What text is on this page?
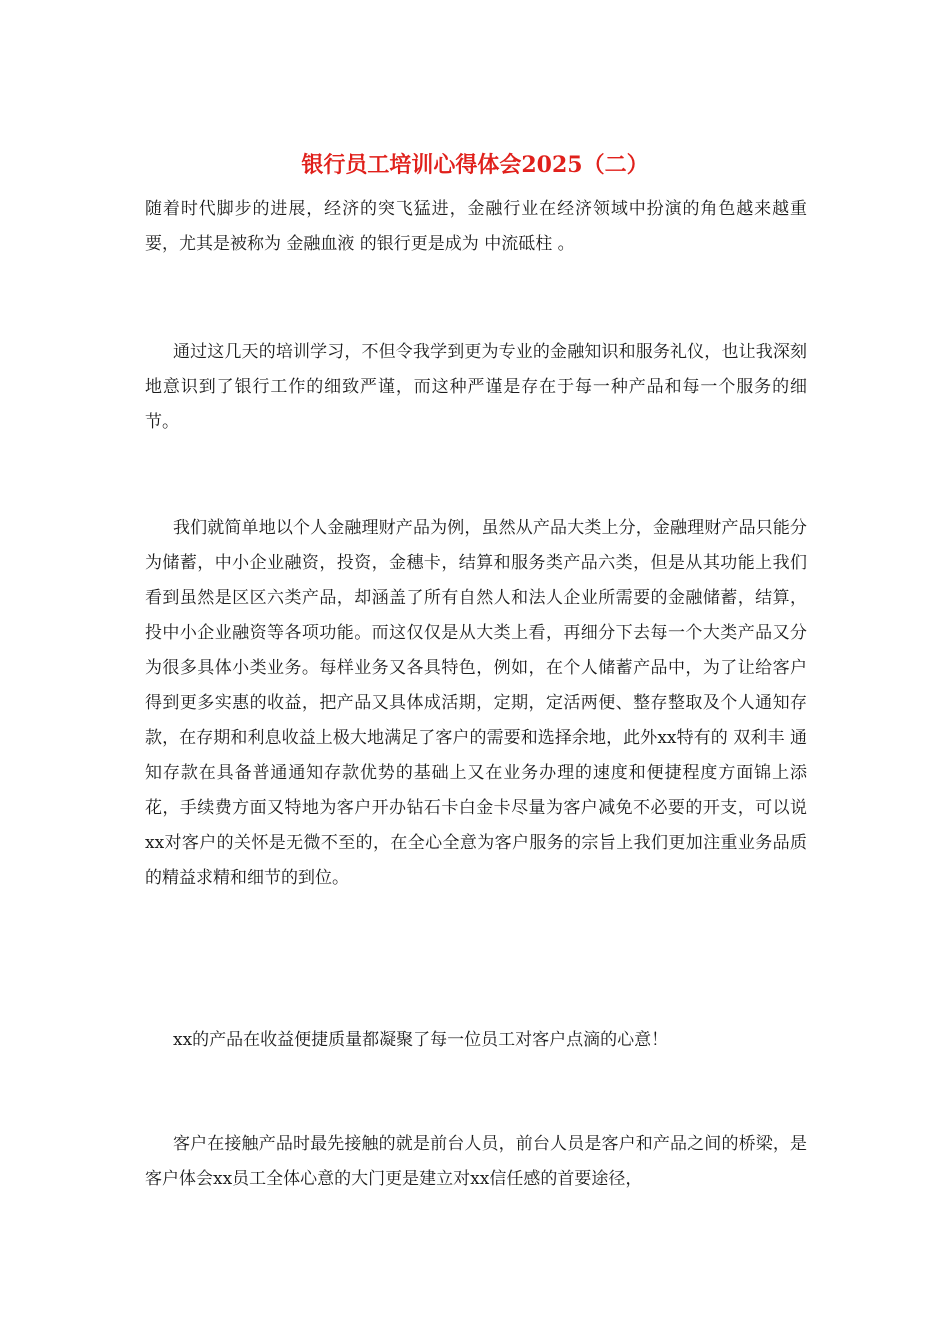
银行员工培训心得体会2025（二）

随着时代脚步的进展，经济的突飞猛进，金融行业在经济领域中扮演的角色越来越重要，尤其是被称为 金融血液 的银行更是成为 中流砥柱 。

通过这几天的培训学习，不但令我学到更为专业的金融知识和服务礼仪，也让我深刻地意识到了银行工作的细致严谨，而这种严谨是存在于每一种产品和每一个服务的细节。

我们就简单地以个人金融理财产品为例，虽然从产品大类上分，金融理财产品只能分为储蓄，中小企业融资，投资，金穗卡，结算和服务类产品六类，但是从其功能上我们看到虽然是区区六类产品，却涵盖了所有自然人和法人企业所需要的金融储蓄，结算，投中小企业融资等各项功能。而这仅仅是从大类上看，再细分下去每一个大类产品又分为很多具体小类业务。每样业务又各具特色，例如，在个人储蓄产品中，为了让给客户得到更多实惠的收益，把产品又具体成活期，定期，定活两便、整存整取及个人通知存款，在存期和利息收益上极大地满足了客户的需要和选择余地，此外xx特有的 双利丰 通知存款在具备普通通知存款优势的基础上又在业务办理的速度和便捷程度方面锦上添花，手续费方面又特地为客户开办钻石卡白金卡尽量为客户减免不必要的开支，可以说xx对客户的关怀是无微不至的，在全心全意为客户服务的宗旨上我们更加注重业务品质的精益求精和细节的到位。

xx的产品在收益便捷质量都凝聚了每一位员工对客户点滴的心意！

客户在接触产品时最先接触的就是前台人员，前台人员是客户和产品之间的桥梁，是客户体会xx员工全体心意的大门更是建立对xx信任感的首要途径，
